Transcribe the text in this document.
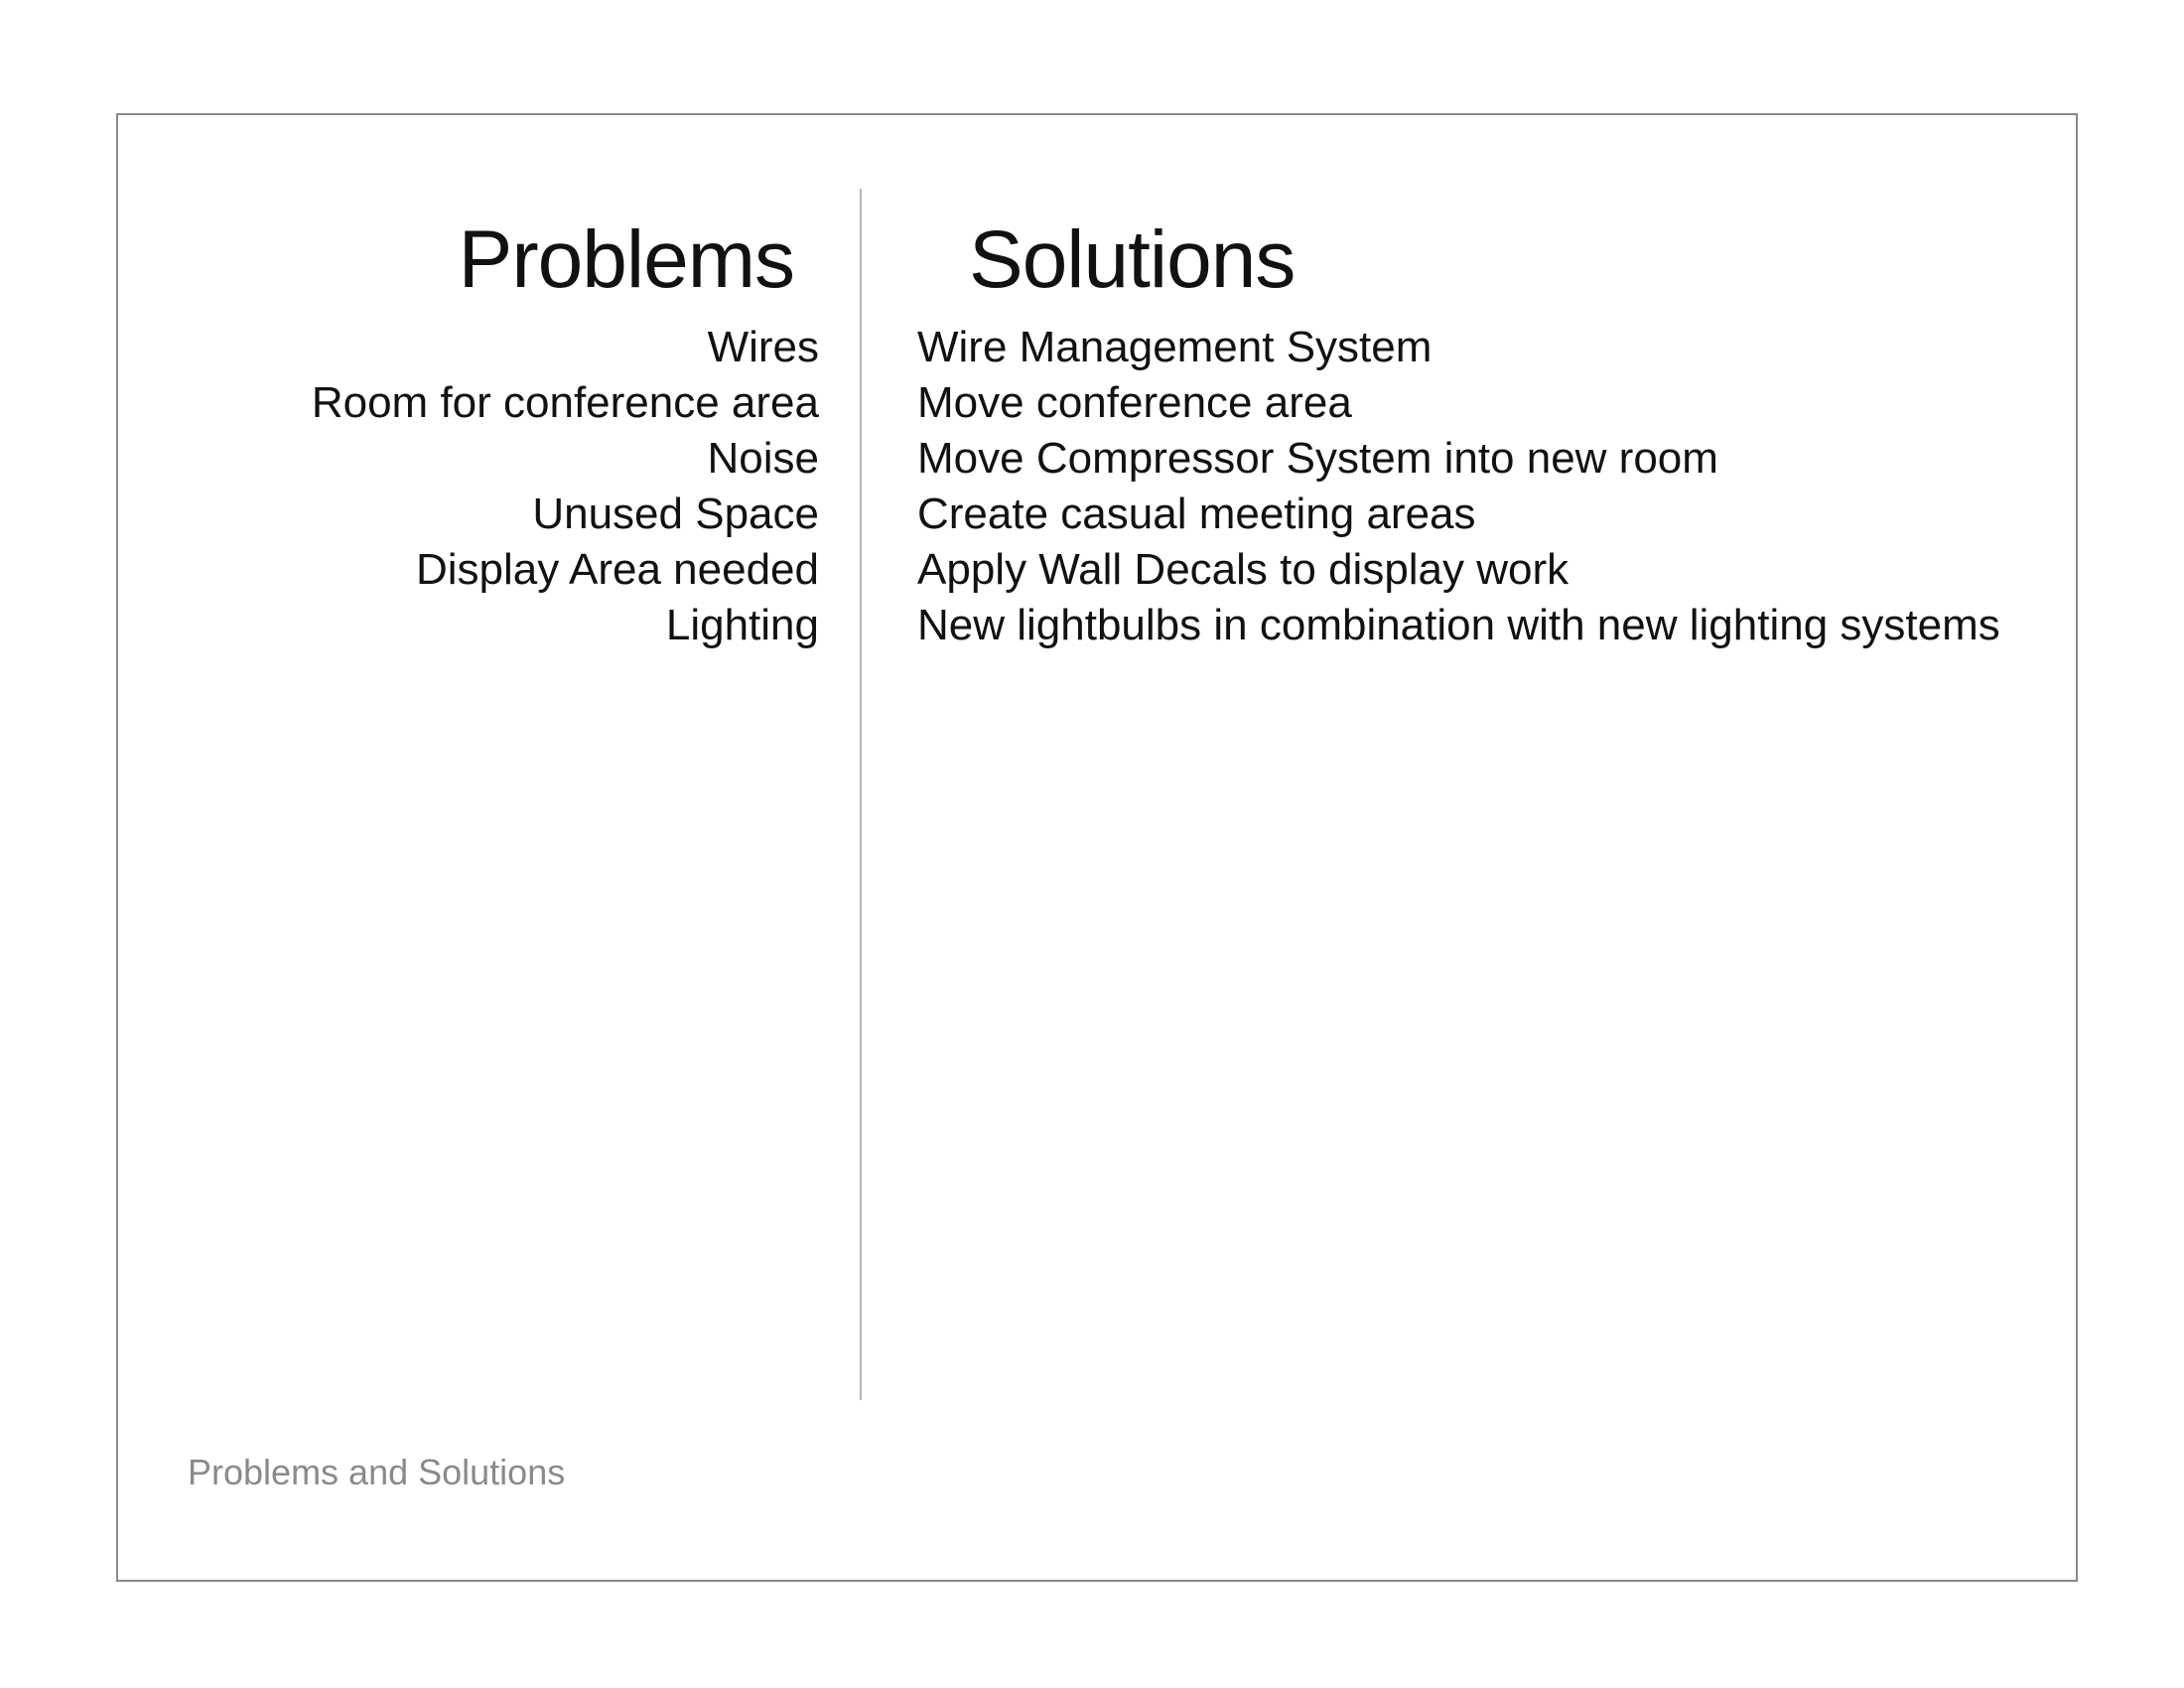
Problems Solutions
Wires
Room for conference area
Noise
Unused Space
Display Area needed
Lighting
Wire Management System
Move conference area
Move Compressor System into new room
Create casual meeting areas
Apply Wall Decals to display work
New lightbulbs in combination with new lighting systems
Problems and Solutions
